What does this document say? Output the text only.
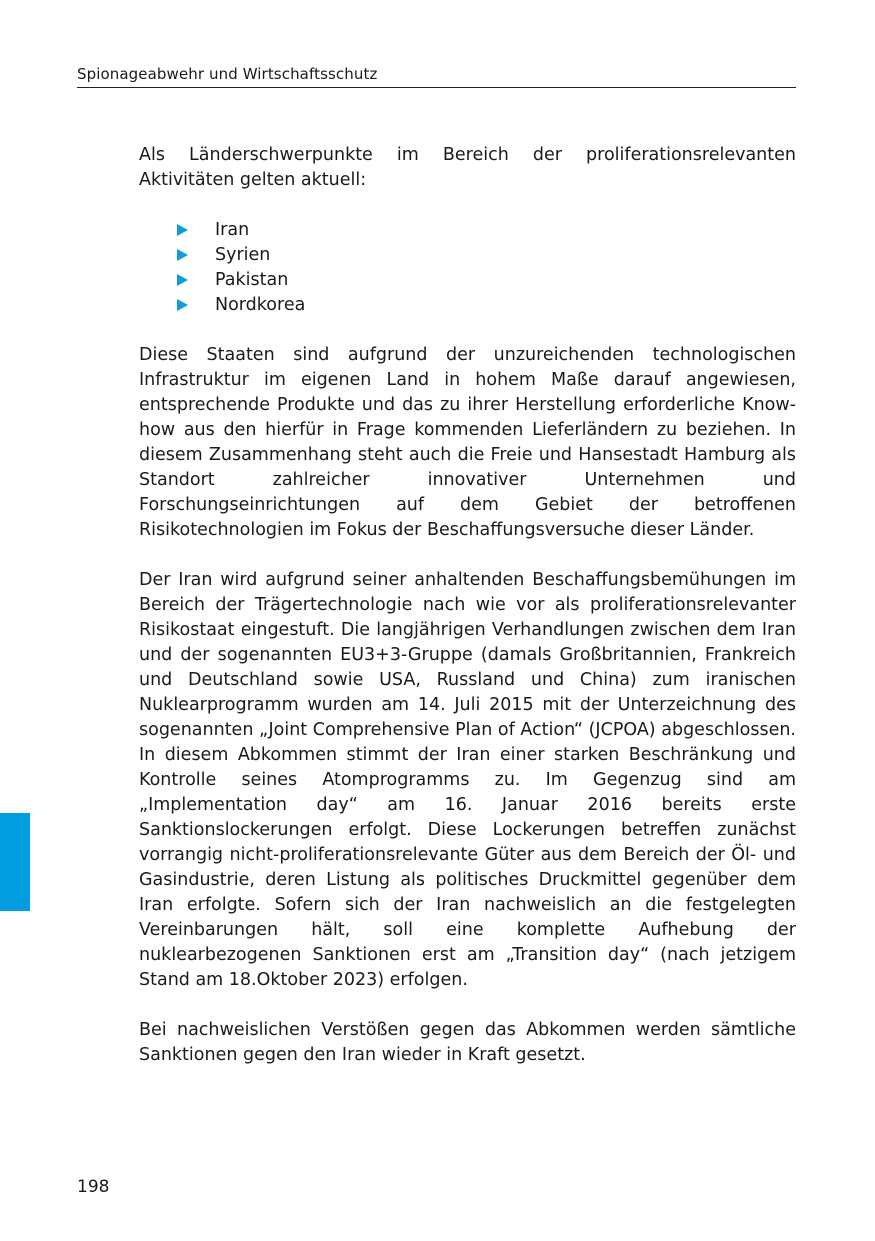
Spionageabwehr und Wirtschaftsschutz

Als Länderschwerpunkte im Bereich der proliferationsrelevanten Aktivitäten gelten aktuell:

Iran
Syrien
Pakistan
Nordkorea

Diese Staaten sind aufgrund der unzureichenden technologischen Infrastruktur im eigenen Land in hohem Maße darauf angewiesen, entsprechende Produkte und das zu ihrer Herstellung erforderliche Know-how aus den hierfür in Frage kommenden Lieferländern zu beziehen. In diesem Zusammenhang steht auch die Freie und Hansestadt Hamburg als Standort zahlreicher innovativer Unternehmen und Forschungseinrichtungen auf dem Gebiet der betroffenen Risikotechnologien im Fokus der Beschaffungsversuche dieser Länder.

Der Iran wird aufgrund seiner anhaltenden Beschaffungsbemühungen im Bereich der Trägertechnologie nach wie vor als proliferationsrelevanter Risikostaat eingestuft. Die langjährigen Verhandlungen zwischen dem Iran und der sogenannten EU3+3-Gruppe (damals Großbritannien, Frankreich und Deutschland sowie USA, Russland und China) zum iranischen Nuklearprogramm wurden am 14. Juli 2015 mit der Unterzeichnung des sogenannten „Joint Comprehensive Plan of Action“ (JCPOA) abgeschlossen. In diesem Abkommen stimmt der Iran einer starken Beschränkung und Kontrolle seines Atomprogramms zu. Im Gegenzug sind am „Implementation day“ am 16. Januar 2016 bereits erste Sanktionslockerungen erfolgt. Diese Lockerungen betreffen zunächst vorrangig nicht-proliferationsrelevante Güter aus dem Bereich der Öl- und Gasindustrie, deren Listung als politisches Druckmittel gegenüber dem Iran erfolgte. Sofern sich der Iran nachweislich an die festgelegten Vereinbarungen hält, soll eine komplette Aufhebung der nuklearbezogenen Sanktionen erst am „Transition day“ (nach jetzigem Stand am 18.Oktober 2023) erfolgen.

Bei nachweislichen Verstößen gegen das Abkommen werden sämtliche Sanktionen gegen den Iran wieder in Kraft gesetzt.

198
